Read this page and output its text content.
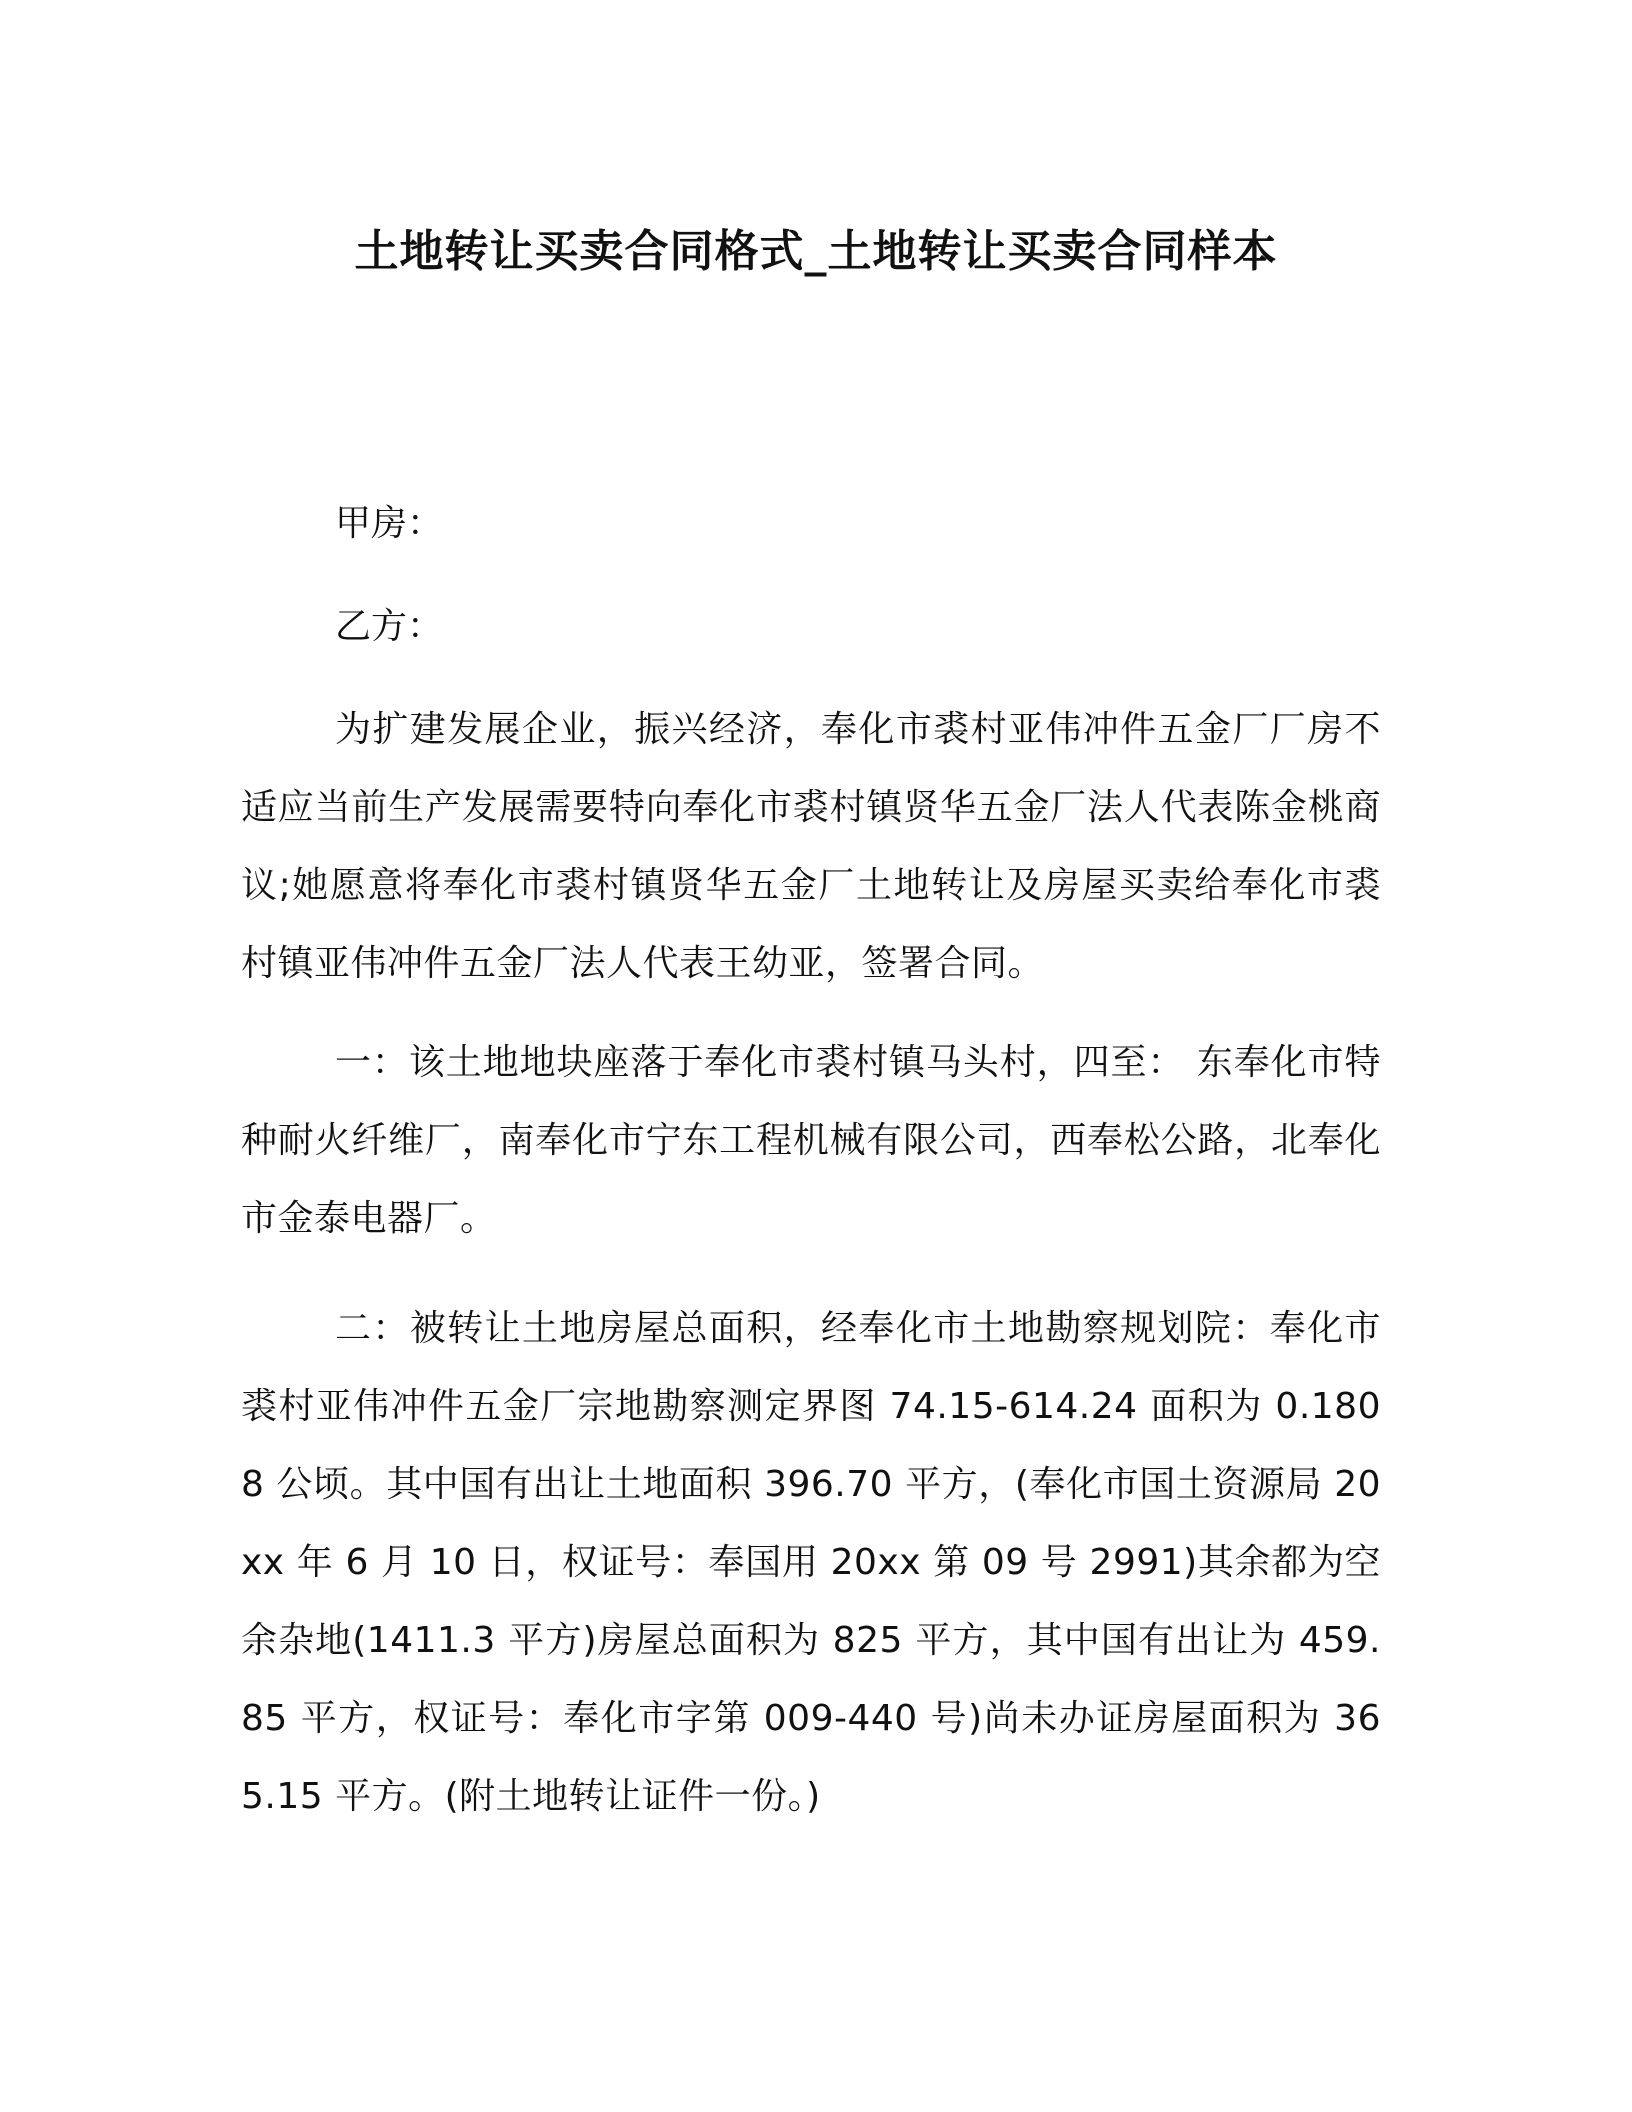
土地转让买卖合同格式_土地转让买卖合同样本
甲房：
乙方：

为扩建发展企业，振兴经济，奉化市裘村亚伟冲件五金厂厂房不适应当前生产发展需要特向奉化市裘村镇贤华五金厂法人代表陈金桃商议;她愿意将奉化市裘村镇贤华五金厂土地转让及房屋买卖给奉化市裘村镇亚伟冲件五金厂法人代表王幼亚，签署合同。

一：该土地地块座落于奉化市裘村镇马头村，四至： 东奉化市特种耐火纤维厂，南奉化市宁东工程机械有限公司，西奉松公路，北奉化市金泰电器厂。

二：被转让土地房屋总面积，经奉化市土地勘察规划院：奉化市裘村亚伟冲件五金厂宗地勘察测定界图 74.15-614.24 面积为 0.1808 公顷。其中国有出让土地面积 396.70 平方，(奉化市国土资源局 20xx 年 6 月 10 日，权证号：奉国用 20xx 第 09 号 2991)其余都为空余杂地(1411.3 平方)房屋总面积为 825 平方，其中国有出让为 459.85 平方，权证号：奉化市字第 009-440 号)尚未办证房屋面积为 365.15 平方。(附土地转让证件一份。)
